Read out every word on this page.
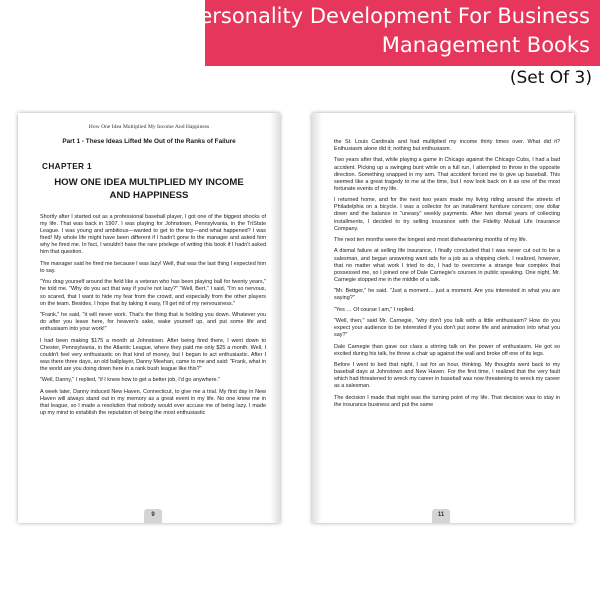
Personality Development For Business
Management Books
(Set Of 3)
How One Idea Multiplied My Income And Happiness
Part 1 - These Ideas Lifted Me Out of the Ranks of Failure
CHAPTER 1
HOW ONE IDEA MULTIPLIED MY INCOME
AND HAPPINESS

Shortly after I started out as a professional baseball player, I got one of the biggest shocks of my life. That was back in 1907. I was playing for Johnstown, Pennsylvania, in the TriState League. I was young and ambitious—wanted to get to the top—and what happened? I was fired! My whole life might have been different if I hadn't gone to the manager and asked him why he fired me. In fact, I wouldn't have the rare privilege of writing this book if I hadn't asked him that question.

The manager said he fired me because I was lazy! Well, that was the last thing I expected him to say.

"You drag yourself around the field like a veteran who has been playing ball for twenty years," he told me. "Why do you act that way if you're not lazy?" "Well, Bert," I said, "I'm so nervous, so scared, that I want to hide my fear from the crowd, and especially from the other players on the team. Besides, I hope that by taking it easy, I'll get rid of my nervousness."

"Frank," he said, "it will never work. That's the thing that is holding you down. Whatever you do after you leave here, for heaven's sake, wake yourself up, and put some life and enthusiasm into your work!"

I had been making $175 a month at Johnstown. After being fired there, I went down to Chester, Pennsylvania, in the Atlantic League, where they paid me only $25 a month. Well, I couldn't feel very enthusiastic on that kind of money, but I began to act enthusiastic. After I was there three days, an old ballplayer, Danny Meehan, came to me and said: "Frank, what in the world are you doing down here in a rank bush league like this?"

"Well, Danny," I replied, "if I knew how to get a better job, I'd go anywhere."

A week later, Danny induced New Haven, Connecticut, to give me a trial. My first day in New Haven will always stand out in my memory as a great event in my life. No one knew me in that league, so I made a resolution that nobody would ever accuse me of being lazy. I made up my mind to establish the reputation of being the most enthusiastic

9

the St. Louis Cardinals and had multiplied my income thirty times over. What did it? Enthusiasm alone did it; nothing but enthusiasm.

Two years after that, while playing a game in Chicago against the Chicago Cubs, I had a bad accident. Picking up a swinging bunt while on a full run, I attempted to throw in the opposite direction. Something snapped in my arm. That accident forced me to give up baseball. This seemed like a great tragedy to me at the time, but I now look back on it as one of the most fortunate events of my life.

I returned home, and for the next two years made my living riding around the streets of Philadelphia on a bicycle. I was a collector for an installment furniture concern; one dollar down and the balance in "uneasy" weekly payments. After two dismal years of collecting installments, I decided to try selling insurance with the Fidelity Mutual Life Insurance Company.

The next ten months were the longest and most disheartening months of my life.

A dismal failure at selling life insurance, I finally concluded that I was never cut out to be a salesman, and began answering want ads for a job as a shipping clerk. I realized, however, that no matter what work I tried to do, I had to overcome a strange fear complex that possessed me, so I joined one of Dale Carnegie's courses in public speaking. One night, Mr. Carnegie stopped me in the middle of a talk.

"Mr. Bettger," he said. "Just a moment… just a moment. Are you interested in what you are saying?"

"Yes … Of course I am," I replied.

"Well, then," said Mr. Carnegie, "why don't you talk with a little enthusiasm? How do you expect your audience to be interested if you don't put some life and animation into what you say?"

Dale Carnegie than gave our class a stirring talk on the power of enthusiasm. He got so excited during his talk, he threw a chair up against the wall and broke off one of its legs.

Before I went to bed that night, I sat for an hour, thinking. My thoughts went back to my baseball days at Johnstown and New Haven. For the first time, I realized that the very fault which had threatened to wreck my career in baseball was now threatening to wreck my career as a salesman.

The decision I made that night was the turning point of my life. That decision was to stay in the insurance business and put the same

11
